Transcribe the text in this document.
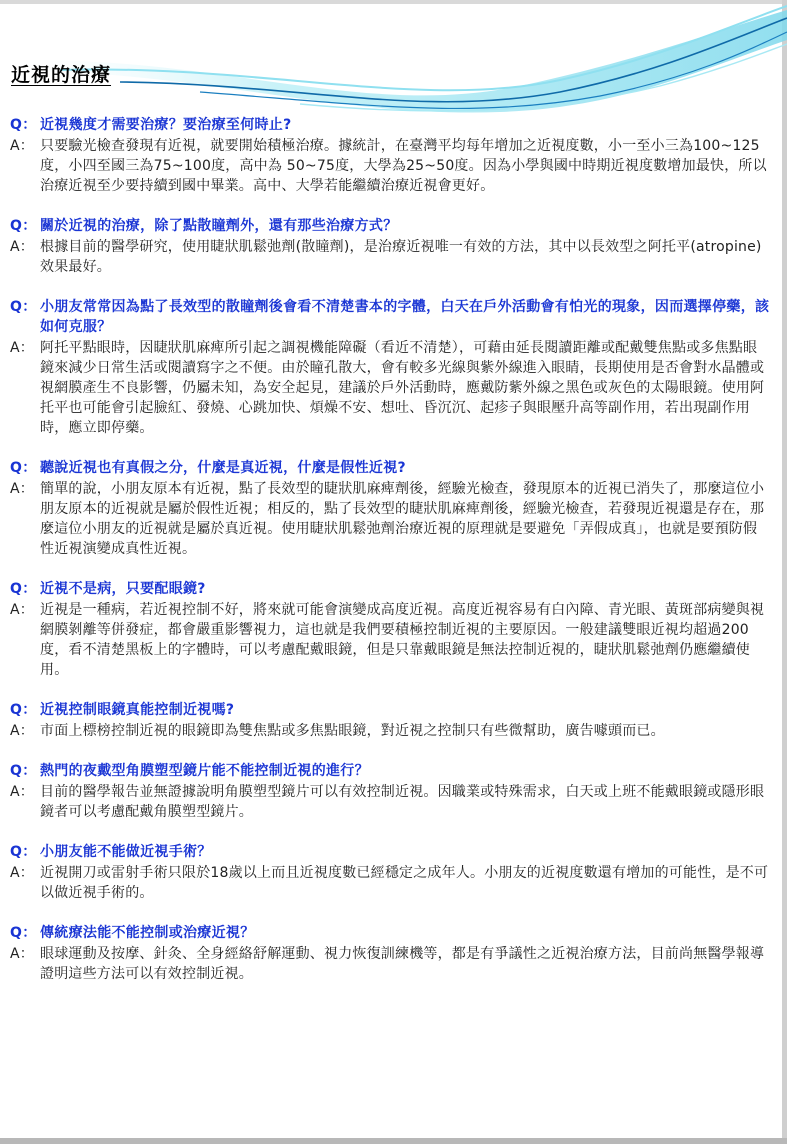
近視的治療
Q： 近視幾度才需要治療？要治療至何時止?
A： 只要驗光檢查發現有近視，就要開始積極治療。據統計，在臺灣平均每年增加之近視度數，小一至小三為100~125度，小四至國三為75~100度，高中為 50~75度，大學為25~50度。因為小學與國中時期近視度數增加最快，所以治療近視至少要持續到國中畢業。高中、大學若能繼續治療近視會更好。
Q： 關於近視的治療，除了點散瞳劑外，還有那些治療方式？
A： 根據目前的醫學研究，使用睫狀肌鬆弛劑(散瞳劑)，是治療近視唯一有效的方法，其中以長效型之阿托平(atropine)效果最好。
Q： 小朋友常常因為點了長效型的散瞳劑後會看不清楚書本的字體，白天在戶外活動會有怕光的現象，因而選擇停藥，該如何克服？
A： 阿托平點眼時，因睫狀肌麻痺所引起之調視機能障礙（看近不清楚），可藉由延長閱讀距離或配戴雙焦點或多焦點眼鏡來減少日常生活或閱讀寫字之不便。由於瞳孔散大，會有較多光線與紫外線進入眼睛，長期使用是否會對水晶體或視網膜產生不良影響，仍屬未知，為安全起見，建議於戶外活動時，應戴防紫外線之黑色或灰色的太陽眼鏡。使用阿托平也可能會引起臉紅、發燒、心跳加快、煩燥不安、想吐、昏沉沉、起疹子與眼壓升高等副作用，若出現副作用時，應立即停藥。
Q： 聽說近視也有真假之分，什麼是真近視，什麼是假性近視?
A： 簡單的說，小朋友原本有近視，點了長效型的睫狀肌麻痺劑後，經驗光檢查，發現原本的近視已消失了，那麼這位小朋友原本的近視就是屬於假性近視；相反的，點了長效型的睫狀肌麻痺劑後，經驗光檢查，若發現近視還是存在，那麼這位小朋友的近視就是屬於真近視。使用睫狀肌鬆弛劑治療近視的原理就是要避免「弄假成真」，也就是要預防假性近視演變成真性近視。
Q： 近視不是病，只要配眼鏡?
A： 近視是一種病，若近視控制不好，將來就可能會演變成高度近視。高度近視容易有白內障、青光眼、黃斑部病變與視網膜剝離等併發症，都會嚴重影響視力，這也就是我們要積極控制近視的主要原因。一般建議雙眼近視均超過200度，看不清楚黑板上的字體時，可以考慮配戴眼鏡，但是只靠戴眼鏡是無法控制近視的，睫狀肌鬆弛劑仍應繼續使用。
Q： 近視控制眼鏡真能控制近視嗎?
A： 市面上標榜控制近視的眼鏡即為雙焦點或多焦點眼鏡，對近視之控制只有些微幫助，廣告噱頭而已。
Q： 熱門的夜戴型角膜塑型鏡片能不能控制近視的進行？
A： 目前的醫學報告並無證據說明角膜塑型鏡片可以有效控制近視。因職業或特殊需求，白天或上班不能戴眼鏡或隱形眼鏡者可以考慮配戴角膜塑型鏡片。
Q： 小朋友能不能做近視手術？
A： 近視開刀或雷射手術只限於18歲以上而且近視度數已經穩定之成年人。小朋友的近視度數還有增加的可能性，是不可以做近視手術的。
Q： 傳統療法能不能控制或治療近視？
A： 眼球運動及按摩、針灸、全身經絡舒解運動、視力恢復訓練機等，都是有爭議性之近視治療方法，目前尚無醫學報導證明這些方法可以有效控制近視。
